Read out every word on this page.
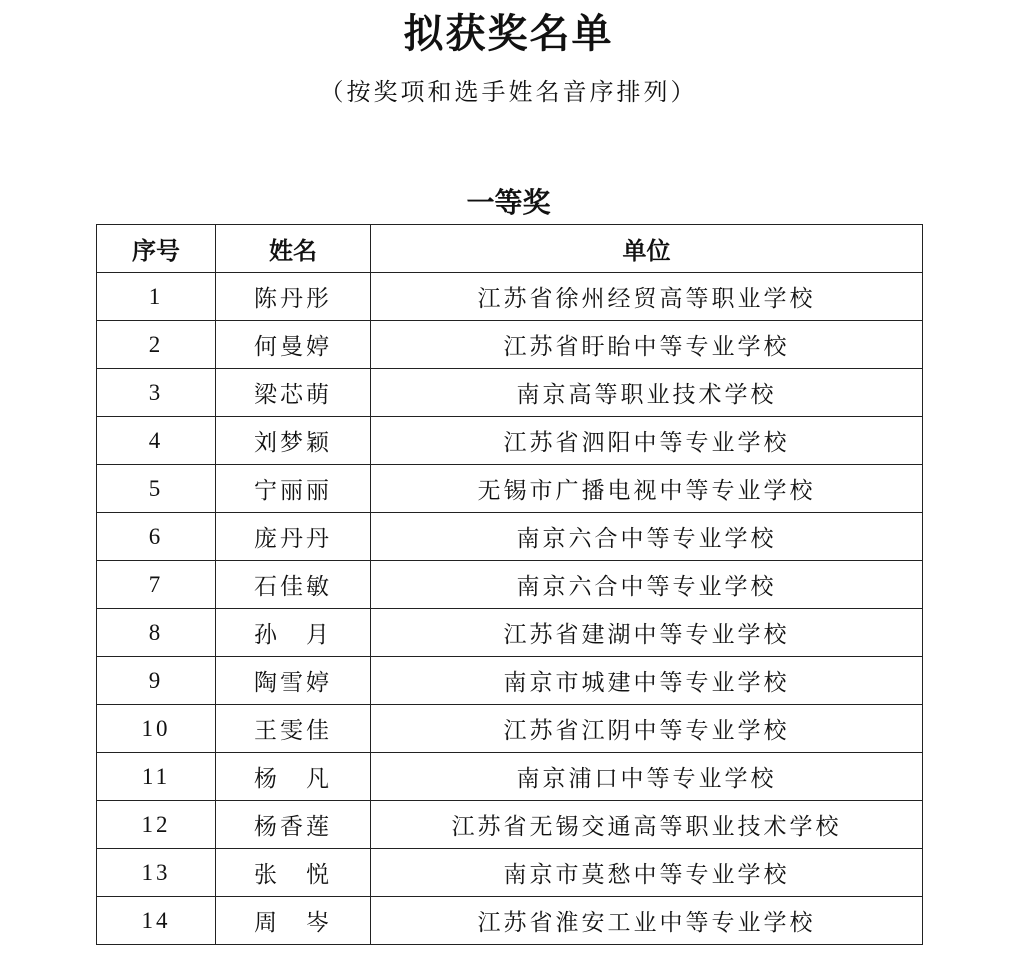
拟获奖名单
（按奖项和选手姓名音序排列）
一等奖
序号	姓名	单位
1	陈丹彤	江苏省徐州经贸高等职业学校
2	何曼婷	江苏省盱眙中等专业学校
3	梁芯萌	南京高等职业技术学校
4	刘梦颖	江苏省泗阳中等专业学校
5	宁丽丽	无锡市广播电视中等专业学校
6	庞丹丹	南京六合中等专业学校
7	石佳敏	南京六合中等专业学校
8	孙　月	江苏省建湖中等专业学校
9	陶雪婷	南京市城建中等专业学校
10	王雯佳	江苏省江阴中等专业学校
11	杨　凡	南京浦口中等专业学校
12	杨香莲	江苏省无锡交通高等职业技术学校
13	张　悦	南京市莫愁中等专业学校
14	周　岑	江苏省淮安工业中等专业学校
